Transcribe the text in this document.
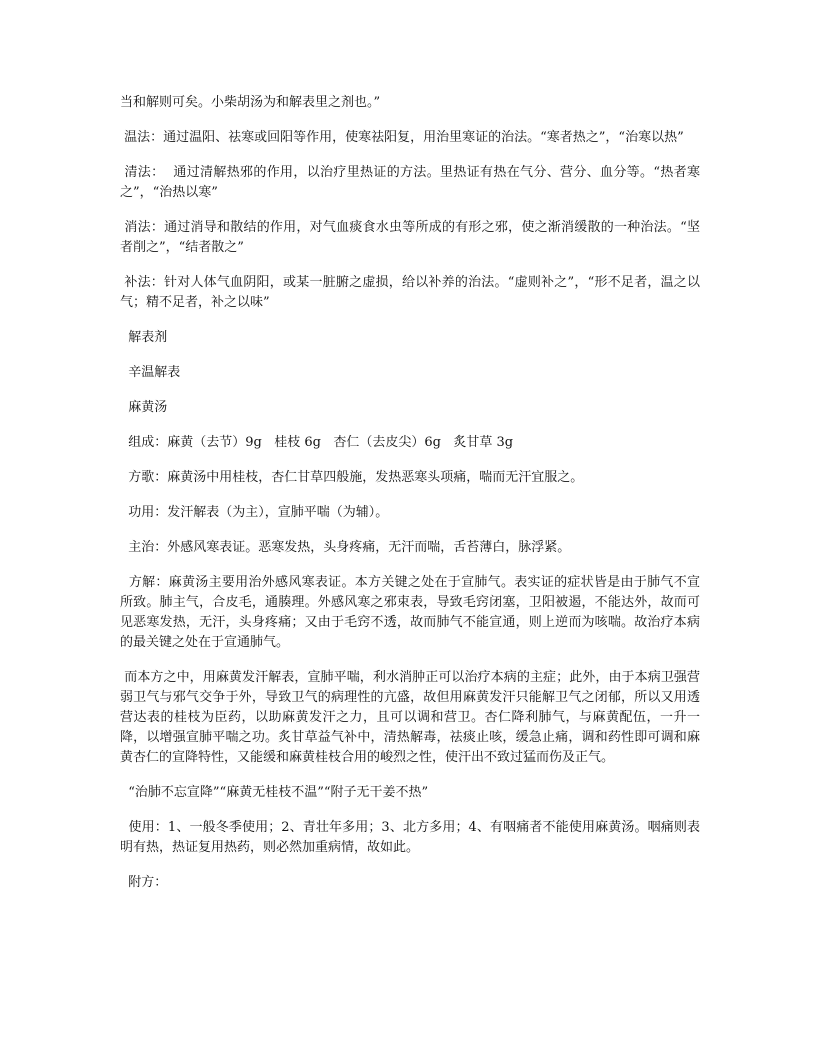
当和解则可矣。小柴胡汤为和解表里之剂也。”

温法：通过温阳、祛寒或回阳等作用，使寒祛阳复，用治里寒证的治法。“寒者热之”，“治寒以热”

清法：  通过清解热邪的作用，以治疗里热证的方法。里热证有热在气分、营分、血分等。“热者寒之”，“治热以寒”

消法：通过消导和散结的作用，对气血痰食水虫等所成的有形之邪，使之渐消缓散的一种治法。“坚者削之”，“结者散之”

补法：针对人体气血阴阳，或某一脏腑之虚损，给以补养的治法。“虚则补之”，“形不足者，温之以气；精不足者，补之以味”

解表剂

辛温解表

麻黄汤

组成：麻黄（去节）9g   桂枝 6g   杏仁（去皮尖）6g   炙甘草 3g

方歌：麻黄汤中用桂枝，杏仁甘草四般施，发热恶寒头项痛，喘而无汗宜服之。

功用：发汗解表（为主），宣肺平喘（为辅）。

主治：外感风寒表证。恶寒发热，头身疼痛，无汗而喘，舌苔薄白，脉浮紧。

方解：麻黄汤主要用治外感风寒表证。本方关键之处在于宣肺气。表实证的症状皆是由于肺气不宣所致。肺主气，合皮毛，通腠理。外感风寒之邪束表，导致毛窍闭塞，卫阳被遏，不能达外，故而可见恶寒发热，无汗，头身疼痛；又由于毛窍不透，故而肺气不能宣通，则上逆而为咳喘。故治疗本病的最关键之处在于宣通肺气。

而本方之中，用麻黄发汗解表，宣肺平喘，利水消肿正可以治疗本病的主症；此外，由于本病卫强营弱卫气与邪气交争于外，导致卫气的病理性的亢盛，故但用麻黄发汗只能解卫气之闭郁，所以又用透营达表的桂枝为臣药，以助麻黄发汗之力，且可以调和营卫。杏仁降利肺气，与麻黄配伍，一升一降，以增强宣肺平喘之功。炙甘草益气补中，清热解毒，祛痰止咳，缓急止痛，调和药性即可调和麻黄杏仁的宣降特性，又能缓和麻黄桂枝合用的峻烈之性，使汗出不致过猛而伤及正气。

“治肺不忘宣降”“麻黄无桂枝不温”“附子无干姜不热”

使用：1、一般冬季使用；2、青壮年多用；3、北方多用；4、有咽痛者不能使用麻黄汤。咽痛则表明有热，热证复用热药，则必然加重病情，故如此。

附方：
